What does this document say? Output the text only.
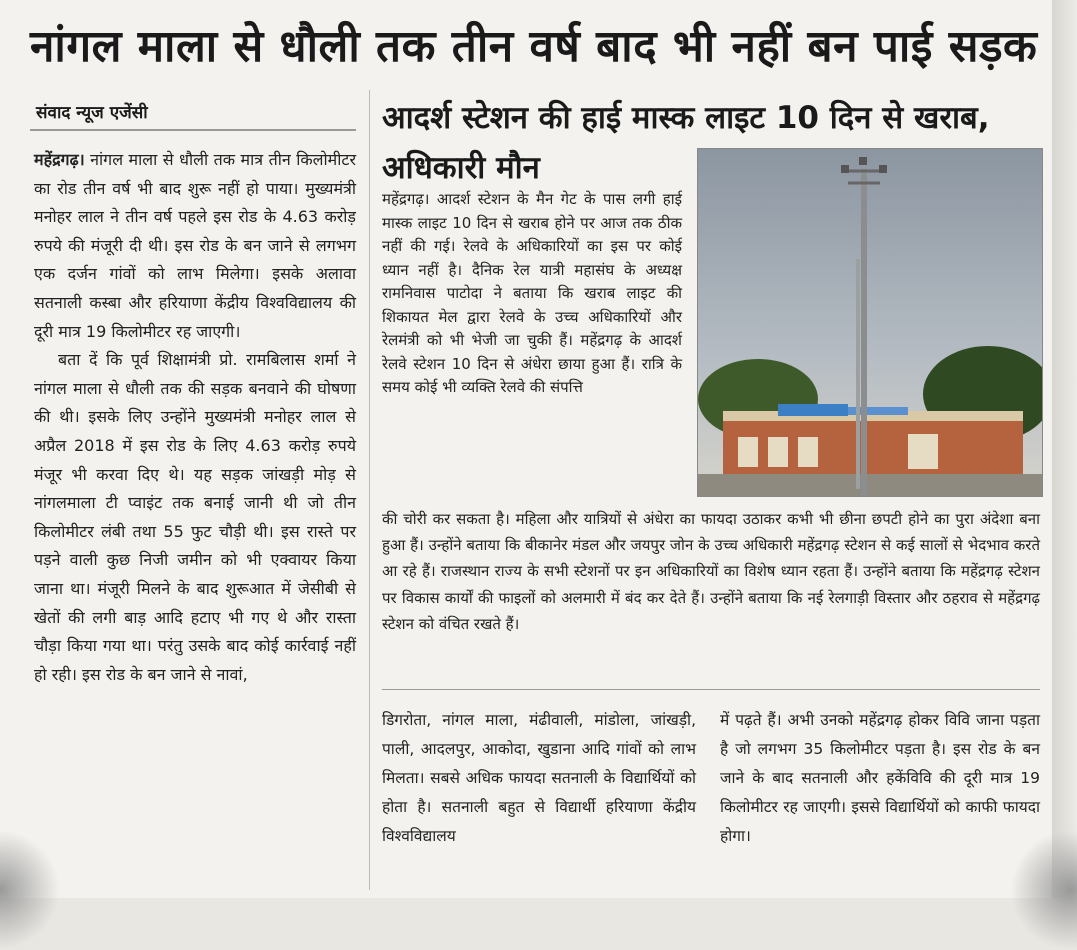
नांगल माला से धौली तक तीन वर्ष बाद भी नहीं बन पाई सड़क
संवाद न्यूज एजेंसी

महेंद्रगढ़। नांगल माला से धौली तक मात्र तीन किलोमीटर का रोड तीन वर्ष भी बाद शुरू नहीं हो पाया। मुख्यमंत्री मनोहर लाल ने तीन वर्ष पहले इस रोड के 4.63 करोड़ रुपये की मंजूरी दी थी। इस रोड के बन जाने से लगभग एक दर्जन गांवों को लाभ मिलेगा। इसके अलावा सतनाली कस्बा और हरियाणा केंद्रीय विश्वविद्यालय की दूरी मात्र 19 किलोमीटर रह जाएगी।

बता दें कि पूर्व शिक्षामंत्री प्रो. रामबिलास शर्मा ने नांगल माला से धौली तक की सड़क बनवाने की घोषणा की थी। इसके लिए उन्होंने मुख्यमंत्री मनोहर लाल से अप्रैल 2018 में इस रोड के लिए 4.63 करोड़ रुपये मंजूर भी करवा दिए थे। यह सड़क जांखड़ी मोड़ से नांगलमाला टी प्वाइंट तक बनाई जानी थी जो तीन किलोमीटर लंबी तथा 55 फुट चौड़ी थी। इस रास्ते पर पड़ने वाली कुछ निजी जमीन को भी एक्वायर किया जाना था। मंजूरी मिलने के बाद शुरूआत में जेसीबी से खेतों की लगी बाड़ आदि हटाए भी गए थे और रास्ता चौड़ा किया गया था। परंतु उसके बाद कोई कार्रवाई नहीं हो रही। इस रोड के बन जाने से नावां,

आदर्श स्टेशन की हाई मास्क लाइट 10 दिन से खराब, अधिकारी मौन
महेंद्रगढ़। आदर्श स्टेशन के मैन गेट के पास लगी हाई मास्क लाइट 10 दिन से खराब होने पर आज तक ठीक नहीं की गई। रेलवे के अधिकारियों का इस पर कोई ध्यान नहीं है। दैनिक रेल यात्री महासंघ के अध्यक्ष रामनिवास पाटोदा ने बताया कि खराब लाइट की शिकायत मेल द्वारा रेलवे के उच्च अधिकारियों और रेलमंत्री को भी भेजी जा चुकी हैं। महेंद्रगढ़ के आदर्श रेलवे स्टेशन 10 दिन से अंधेरा छाया हुआ हैं। रात्रि के समय कोई भी व्यक्ति रेलवे की संपत्ति
की चोरी कर सकता है। महिला और यात्रियों से अंधेरा का फायदा उठाकर कभी भी छीना छपटी होने का पुरा अंदेशा बना हुआ हैं। उन्होंने बताया कि बीकानेर मंडल और जयपुर जोन के उच्च अधिकारी महेंद्रगढ़ स्टेशन से कई सालों से भेदभाव करते आ रहे हैं। राजस्थान राज्य के सभी स्टेशनों पर इन अधिकारियों का विशेष ध्यान रहता हैं। उन्होंने बताया कि महेंद्रगढ़ स्टेशन पर विकास कार्यों की फाइलों को अलमारी में बंद कर देते हैं। उन्होंने बताया कि नई रेलगाड़ी विस्तार और ठहराव से महेंद्रगढ़ स्टेशन को वंचित रखते हैं।
डिगरोता, नांगल माला, मंढीवाली, मांडोला, जांखड़ी, पाली, आदलपुर, आकोदा, खुडाना आदि गांवों को लाभ मिलता। सबसे अधिक फायदा सतनाली के विद्यार्थियों को होता है। सतनाली बहुत से विद्यार्थी हरियाणा केंद्रीय विश्वविद्यालय
में पढ़ते हैं। अभी उनको महेंद्रगढ़ होकर विवि जाना पड़ता है जो लगभग 35 किलोमीटर पड़ता है। इस रोड के बन जाने के बाद सतनाली और हकेंविवि की दूरी मात्र 19 किलोमीटर रह जाएगी। इससे विद्यार्थियों को काफी फायदा होगा।
